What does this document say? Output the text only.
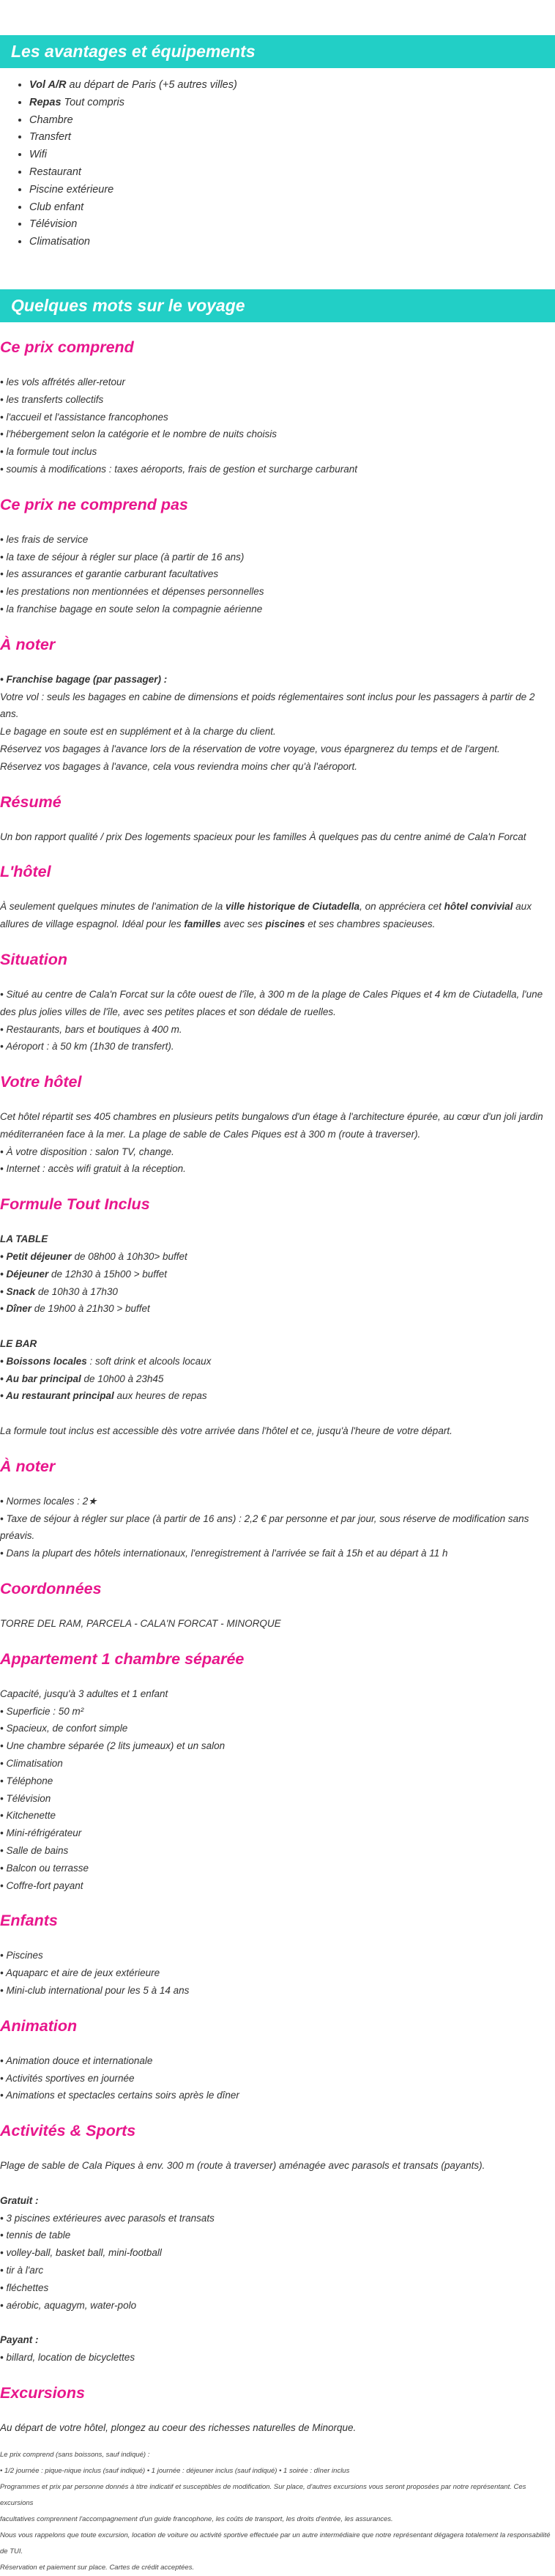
Les avantages et équipements
• Vol A/R au départ de Paris (+5 autres villes)
• Repas Tout compris
• Chambre
• Transfert
• Wifi
• Restaurant
• Piscine extérieure
• Club enfant
• Télévision
• Climatisation
Quelques mots sur le voyage
Ce prix comprend

• les vols affrétés aller-retour

• les transferts collectifs

• l'accueil et l'assistance francophones

• l'hébergement selon la catégorie et le nombre de nuits choisis

• la formule tout inclus

• soumis à modifications : taxes aéroports, frais de gestion et surcharge carburant

Ce prix ne comprend pas

• les frais de service

• la taxe de séjour à régler sur place (à partir de 16 ans)

• les assurances et garantie carburant facultatives

• les prestations non mentionnées et dépenses personnelles

• la franchise bagage en soute selon la compagnie aérienne

À noter

• Franchise bagage (par passager) :

Votre vol : seuls les bagages en cabine de dimensions et poids réglementaires sont inclus pour les passagers à partir de 2 ans.

Le bagage en soute est en supplément et à la charge du client.

Réservez vos bagages à l'avance lors de la réservation de votre voyage, vous épargnerez du temps et de l'argent.

Réservez vos bagages à l'avance, cela vous reviendra moins cher qu'à l'aéroport.

Résumé

Un bon rapport qualité / prix Des logements spacieux pour les familles À quelques pas du centre animé de Cala'n Forcat

L'hôtel

À seulement quelques minutes de l'animation de la ville historique de Ciutadella, on appréciera cet hôtel convivial aux allures de village espagnol. Idéal pour les familles avec ses piscines et ses chambres spacieuses.

Situation

• Situé au centre de Cala'n Forcat sur la côte ouest de l'île, à 300 m de la plage de Cales Piques et 4 km de Ciutadella, l'une des plus jolies villes de l'île, avec ses petites places et son dédale de ruelles.

• Restaurants, bars et boutiques à 400 m.

• Aéroport : à 50 km (1h30 de transfert).

Votre hôtel

Cet hôtel répartit ses 405 chambres en plusieurs petits bungalows d'un étage à l'architecture épurée, au cœur d'un joli jardin méditerranéen face à la mer. La plage de sable de Cales Piques est à 300 m (route à traverser).

• À votre disposition : salon TV, change.

• Internet : accès wifi gratuit à la réception.

Formule Tout Inclus

LA TABLE

• Petit déjeuner de 08h00 à 10h30> buffet

• Déjeuner de 12h30 à 15h00 > buffet

• Snack de 10h30 à 17h30

• Dîner de 19h00 à 21h30 > buffet

LE BAR

• Boissons locales : soft drink et alcools locaux

• Au bar principal de 10h00 à 23h45

• Au restaurant principal aux heures de repas

La formule tout inclus est accessible dès votre arrivée dans l'hôtel et ce, jusqu'à l'heure de votre départ.

À noter

• Normes locales : 2★

• Taxe de séjour à régler sur place (à partir de 16 ans) : 2,2 € par personne et par jour, sous réserve de modification sans préavis.

• Dans la plupart des hôtels internationaux, l'enregistrement à l'arrivée se fait à 15h et au départ à 11 h

Coordonnées

TORRE DEL RAM, PARCELA - CALA'N FORCAT - MINORQUE

Appartement 1 chambre séparée

Capacité, jusqu'à 3 adultes et 1 enfant

• Superficie : 50 m²

• Spacieux, de confort simple

• Une chambre séparée (2 lits jumeaux) et un salon

• Climatisation

• Téléphone

• Télévision

• Kitchenette

• Mini-réfrigérateur

• Salle de bains

• Balcon ou terrasse

• Coffre-fort payant

Enfants

• Piscines

• Aquaparc et aire de jeux extérieure

• Mini-club international pour les 5 à 14 ans

Animation

• Animation douce et internationale

• Activités sportives en journée

• Animations et spectacles certains soirs après le dîner

Activités & Sports

Plage de sable de Cala Piques à env. 300 m (route à traverser) aménagée avec parasols et transats (payants).

Gratuit :

• 3 piscines extérieures avec parasols et transats

• tennis de table

• volley-ball, basket ball, mini-football

• tir à l'arc

• fléchettes

• aérobic, aquagym, water-polo

Payant :

• billard, location de bicyclettes

Excursions

Au départ de votre hôtel, plongez au coeur des richesses naturelles de Minorque.

Le prix comprend (sans boissons, sauf indiqué) :

• 1/2 journée : pique-nique inclus (sauf indiqué) • 1 journée : déjeuner inclus (sauf indiqué) • 1 soirée : dîner inclus

Programmes et prix par personne donnés à titre indicatif et susceptibles de modification. Sur place, d'autres excursions vous seront proposées par notre représentant. Ces excursions

facultatives comprennent l'accompagnement d'un guide francophone, les coûts de transport, les droits d'entrée, les assurances.

Nous vous rappelons que toute excursion, location de voiture ou activité sportive effectuée par un autre intermédiaire que notre représentant dégagera totalement la responsabilité de TUI.

Réservation et paiement sur place. Cartes de crédit acceptées.
